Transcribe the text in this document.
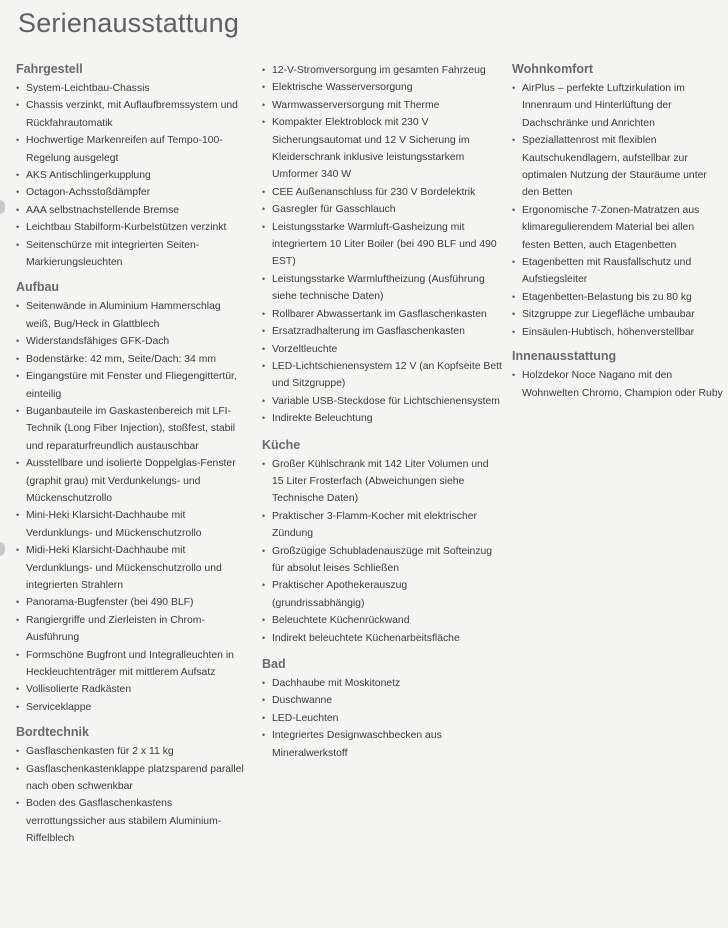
Serienausstattung
Fahrgestell
• System-Leichtbau-Chassis
• Chassis verzinkt, mit Auflaufbremssystem und Rückfahrautomatik
• Hochwertige Markenreifen auf Tempo-100-Regelung ausgelegt
• AKS Antischlingerkupplung
• Octagon-Achsstoßdämpfer
• AAA selbstnachstellende Bremse
• Leichtbau Stabilform-Kurbelstützen verzinkt
• Seitenschürze mit integrierten Seiten-Markierungsleuchten
Aufbau
• Seitenwände in Aluminium Hammerschlag weiß, Bug/Heck in Glattblech
• Widerstandsfähiges GFK-Dach
• Bodenstärke: 42 mm, Seite/Dach: 34 mm
• Eingangstüre mit Fenster und Fliegengittertür, einteilig
• Buganbauteile im Gaskastenbereich mit LFI-Technik (Long Fiber Injection), stoßfest, stabil und reparaturfreundlich austauschbar
• Ausstellbare und isolierte Doppelglas-Fenster (graphit grau) mit Verdunkelungs- und Mückenschutzrollo
• Mini-Heki Klarsicht-Dachhaube mit Verdunklungs- und Mückenschutzrollo
• Midi-Heki Klarsicht-Dachhaube mit Verdunklungs- und Mückenschutzrollo und integrierten Strahlern
• Panorama-Bugfenster (bei 490 BLF)
• Rangiergriffe und Zierleisten in Chrom-Ausführung
• Formschöne Bugfront und Integralleuchten in Heckleuchtenträger mit mittlerem Aufsatz
• Vollisolierte Radkästen
• Serviceklappe
Bordtechnik
• Gasflaschenkasten für 2 x 11 kg
• Gasflaschenkastenklappe platzsparend parallel nach oben schwenkbar
• Boden des Gasflaschenkastens verrottungssicher aus stabilem Aluminium-Riffelblech
• 12-V-Stromversorgung im gesamten Fahrzeug
• Elektrische Wasserversorgung
• Warmwasserversorgung mit Therme
• Kompakter Elektroblock mit 230 V Sicherungsautomat und 12 V Sicherung im Kleiderschrank inklusive leistungsstarkem Umformer 340 W
• CEE Außenanschluss für 230 V Bordelektrik
• Gasregler für Gasschlauch
• Leistungsstarke Warmluft-Gasheizung mit integriertem 10 Liter Boiler (bei 490 BLF und 490 EST)
• Leistungsstarke Warmluftheizung (Ausführung siehe technische Daten)
• Rollbarer Abwassertank im Gasflaschenkasten
• Ersatzradhalterung im Gasflaschenkasten
• Vorzeltleuchte
• LED-Lichtschienensystem 12 V (an Kopfseite Bett und Sitzgruppe)
• Variable USB-Steckdose für Lichtschienensystem
• Indirekte Beleuchtung
Küche
• Großer Kühlschrank mit 142 Liter Volumen und 15 Liter Frosterfach (Abweichungen siehe Technische Daten)
• Praktischer 3-Flamm-Kocher mit elektrischer Zündung
• Großzügige Schubladenauszüge mit Softeinzug für absolut leises Schließen
• Praktischer Apothekerauszug (grundrissabhängig)
• Beleuchtete Küchenrückwand
• Indirekt beleuchtete Küchenarbeitsfläche
Bad
• Dachhaube mit Moskitonetz
• Duschwanne
• LED-Leuchten
• Integriertes Designwaschbecken aus Mineralwerkstoff
Wohnkomfort
• AirPlus – perfekte Luftzirkulation im Innenraum und Hinterlüftung der Dachschränke und Anrichten
• Speziallattenrost mit flexiblen Kautschukendlagern, aufstellbar zur optimalen Nutzung der Stauräume unter den Betten
• Ergonomische 7-Zonen-Matratzen aus klimaregulierendem Material bei allen festen Betten, auch Etagenbetten
• Etagenbetten mit Rausfallschutz und Aufstiegsleiter
• Etagenbetten-Belastung bis zu 80 kg
• Sitzgruppe zur Liegefläche umbaubar
• Einsäulen-Hubtisch, höhenverstellbar
Innenausstattung
• Holzdekor Noce Nagano mit den Wohnwelten Chromo, Champion oder Ruby
